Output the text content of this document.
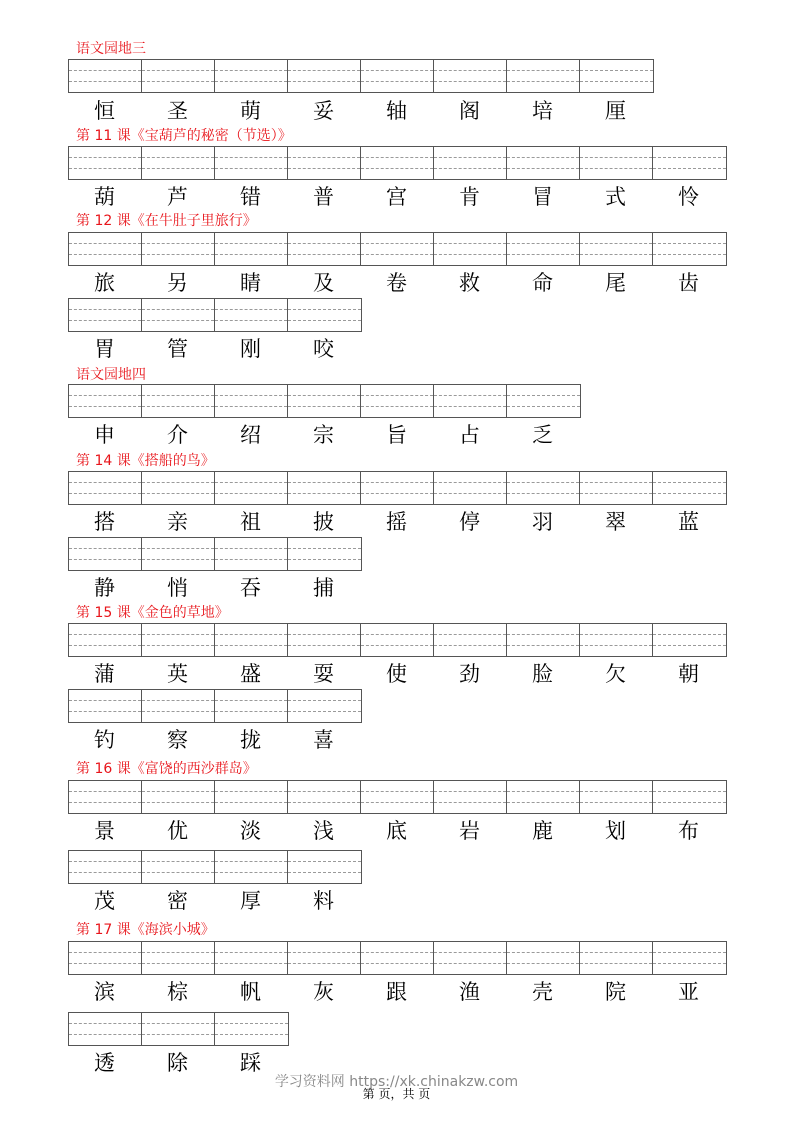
语文园地三
恒	圣	萌	妥	轴	阁	培	厘
第 11 课《宝葫芦的秘密（节选）》
葫	芦	错	普	宫	肯	冒	式	怜
第 12 课《在牛肚子里旅行》
旅	另	睛	及	卷	救	命	尾	齿
胃	管	刚	咬
语文园地四
申	介	绍	宗	旨	占	乏
第 14 课《搭船的鸟》
搭	亲	祖	披	摇	停	羽	翠	蓝
静	悄	吞	捕
第 15 课《金色的草地》
蒲	英	盛	耍	使	劲	脸	欠	朝
钓	察	拢	喜
第 16 课《富饶的西沙群岛》
景	优	淡	浅	底	岩	鹿	划	布
茂	密	厚	料
第 17 课《海滨小城》
滨	棕	帆	灰	跟	渔	壳	院	亚
透	除	踩
学习资料网 https://xk.chinakzw.com
第 页，共 页
